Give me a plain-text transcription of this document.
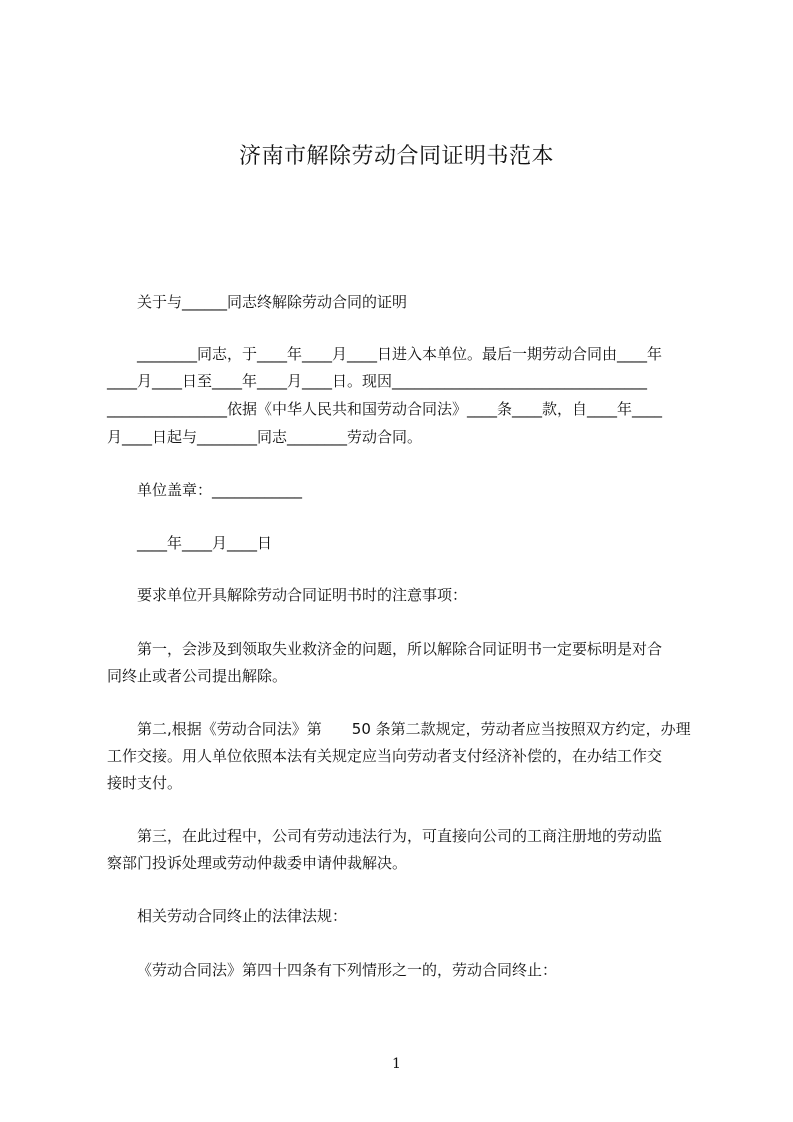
济南市解除劳动合同证明书范本
关于与______同志终解除劳动合同的证明
________同志，于____年____月____日进入本单位。最后一期劳动合同由____年
____月____日至____年____月____日。现因__________________________________
________________依据《中华人民共和国劳动合同法》____条____款，自____年____
月____日起与________同志________劳动合同。
单位盖章：____________
____年____月____日
要求单位开具解除劳动合同证明书时的注意事项：
第一，会涉及到领取失业救济金的问题，所以解除合同证明书一定要标明是对合
同终止或者公司提出解除。
第二,根据《劳动合同法》第　　50 条第二款规定，劳动者应当按照双方约定，办理
工作交接。用人单位依照本法有关规定应当向劳动者支付经济补偿的，在办结工作交
接时支付。
第三，在此过程中，公司有劳动违法行为，可直接向公司的工商注册地的劳动监
察部门投诉处理或劳动仲裁委申请仲裁解决。
相关劳动合同终止的法律法规：
《劳动合同法》第四十四条有下列情形之一的，劳动合同终止：
1
